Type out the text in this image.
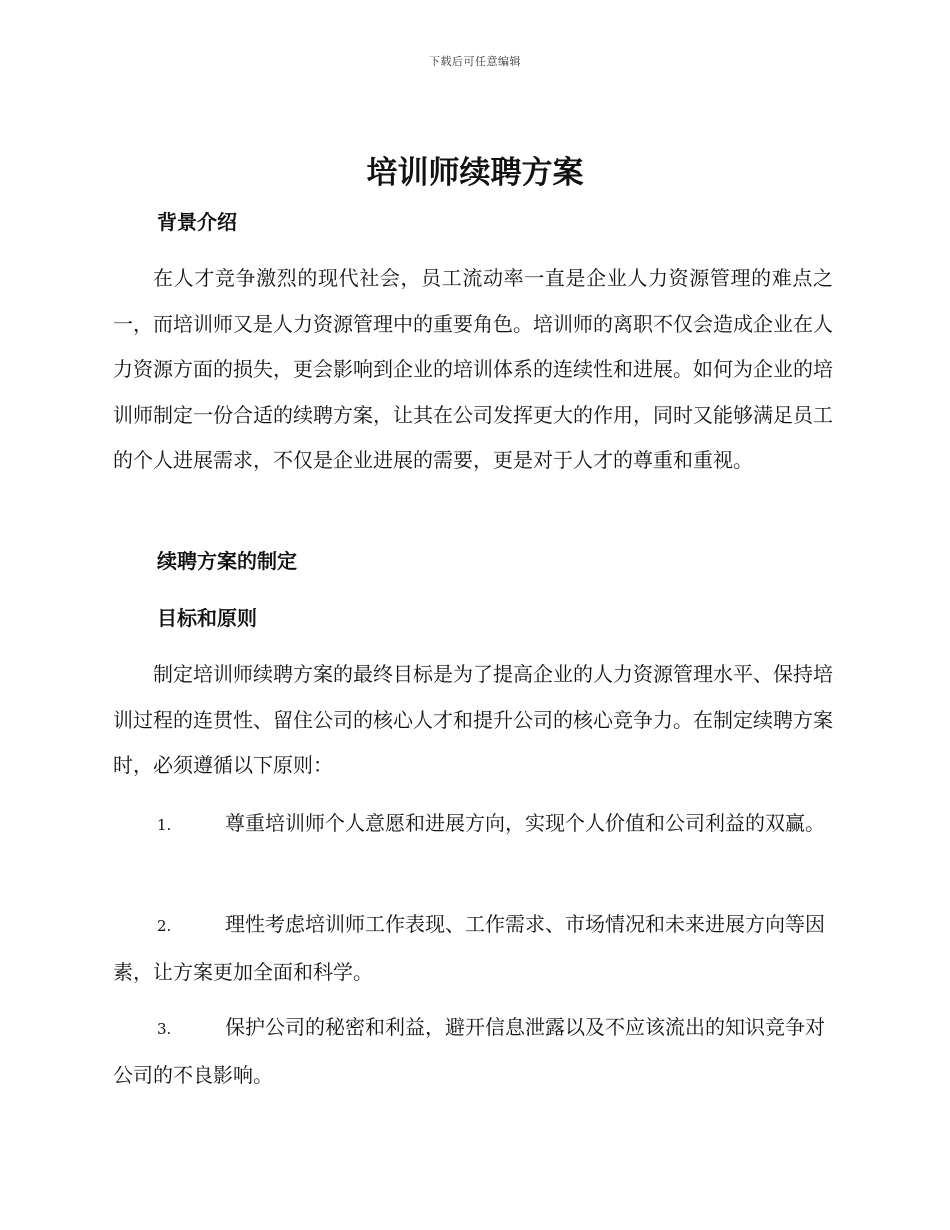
下载后可任意编辑
培训师续聘方案
背景介绍

在人才竞争激烈的现代社会，员工流动率一直是企业人力资源管理的难点之一，而培训师又是人力资源管理中的重要角色。培训师的离职不仅会造成企业在人力资源方面的损失，更会影响到企业的培训体系的连续性和进展。如何为企业的培训师制定一份合适的续聘方案，让其在公司发挥更大的作用，同时又能够满足员工的个人进展需求，不仅是企业进展的需要，更是对于人才的尊重和重视。

续聘方案的制定
目标和原则

制定培训师续聘方案的最终目标是为了提高企业的人力资源管理水平、保持培训过程的连贯性、留住公司的核心人才和提升公司的核心竞争力。在制定续聘方案时，必须遵循以下原则：

1.	尊重培训师个人意愿和进展方向，实现个人价值和公司利益的双赢。

2.	理性考虑培训师工作表现、工作需求、市场情况和未来进展方向等因素，让方案更加全面和科学。

3.	保护公司的秘密和利益，避开信息泄露以及不应该流出的知识竞争对公司的不良影响。
